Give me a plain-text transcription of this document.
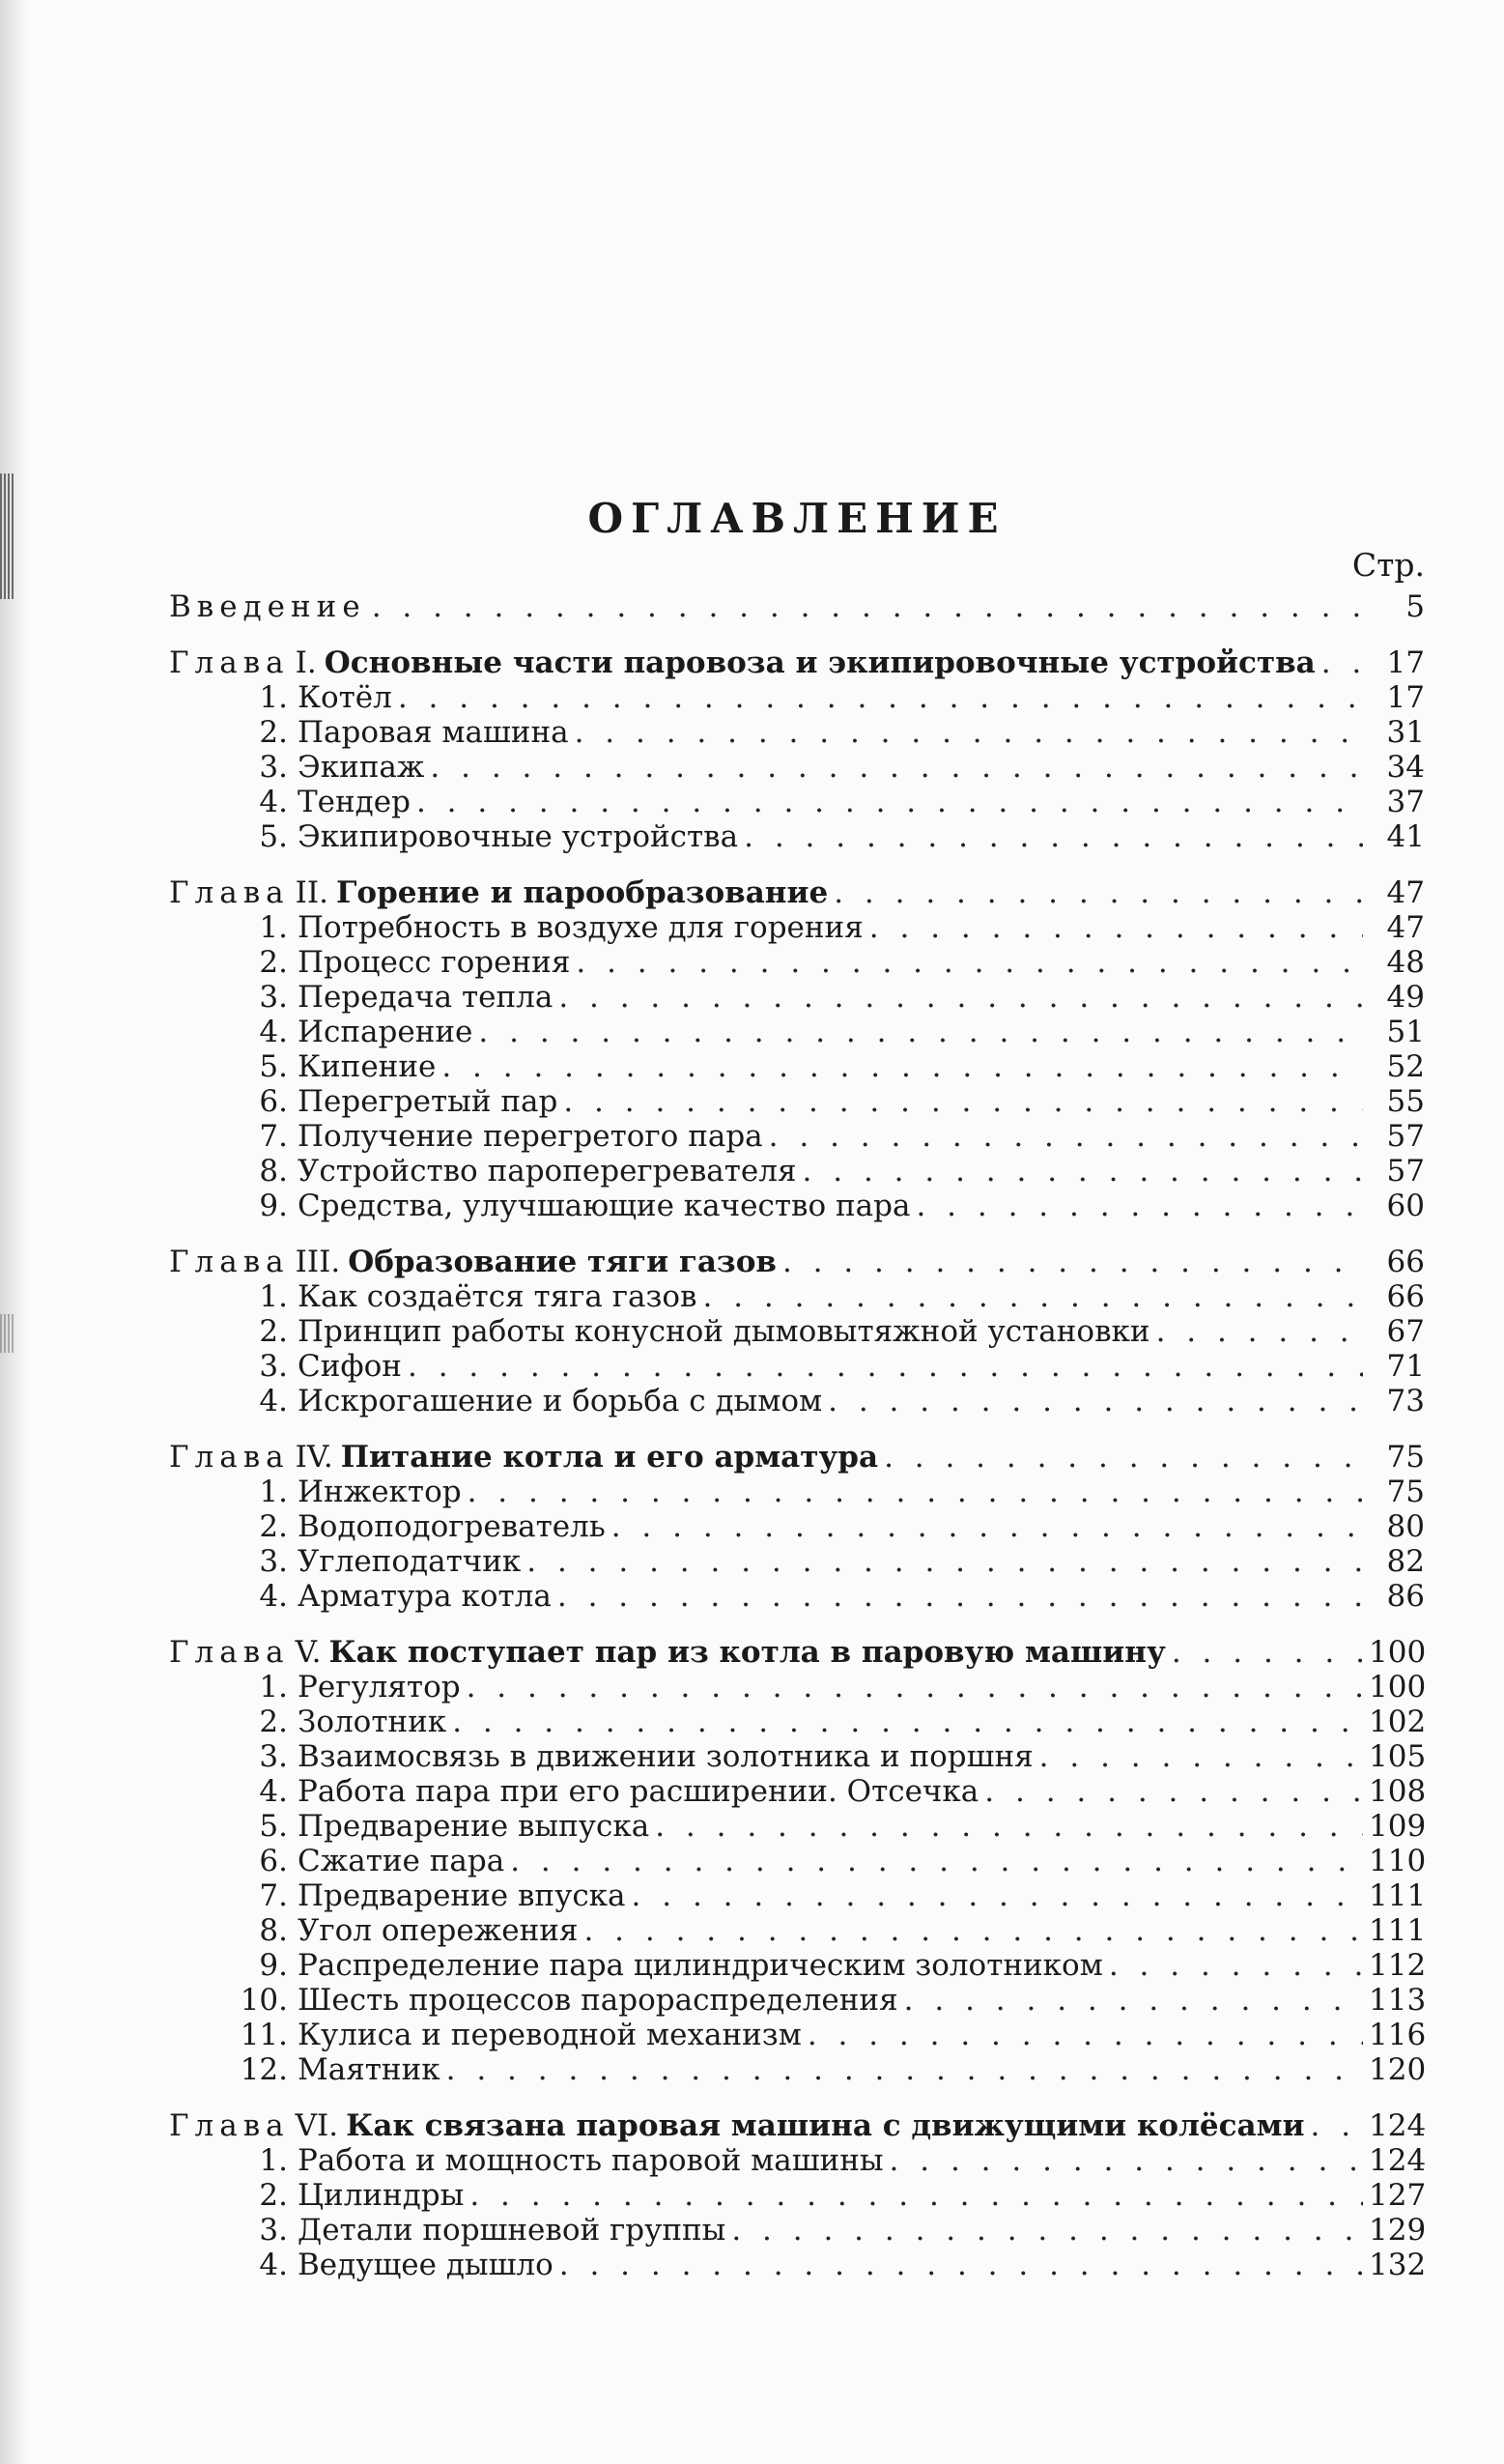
ОГЛАВЛЕНИЕ
Стр.
Введение . . .	5
Глава I. Основные части паровоза и экипировочные устройства . . .	17
1. Котёл . . .	17
2. Паровая машина . . .	31
3. Экипаж . . .	34
4. Тендер . . .	37
5. Экипировочные устройства . . .	41
Глава II. Горение и парообразование . . .	47
1. Потребность в воздухе для горения . . .	47
2. Процесс горения . . .	48
3. Передача тепла . . .	49
4. Испарение . . .	51
5. Кипение . . .	52
6. Перегретый пар . . .	55
7. Получение перегретого пара . . .	57
8. Устройство пароперегревателя . . .	57
9. Средства, улучшающие качество пара . . .	60
Глава III. Образование тяги газов . . .	66
1. Как создаётся тяга газов . . .	66
2. Принцип работы конусной дымовытяжной установки . . .	67
3. Сифон . . .	71
4. Искрогашение и борьба с дымом . . .	73
Глава IV. Питание котла и его арматура . . .	75
1. Инжектор . . .	75
2. Водоподогреватель . . .	80
3. Углеподатчик . . .	82
4. Арматура котла . . .	86
Глава V. Как поступает пар из котла в паровую машину . . .	100
1. Регулятор . . .	100
2. Золотник . . .	102
3. Взаимосвязь в движении золотника и поршня . . .	105
4. Работа пара при его расширении. Отсечка . . .	108
5. Предварение выпуска . . .	109
6. Сжатие пара . . .	110
7. Предварение впуска . . .	111
8. Угол опережения . . .	111
9. Распределение пара цилиндрическим золотником . . .	112
10. Шесть процессов парораспределения . . .	113
11. Кулиса и переводной механизм . . .	116
12. Маятник . . .	120
Глава VI. Как связана паровая машина с движущими колёсами . . . 124
1. Работа и мощность паровой машины . . .	124
2. Цилиндры . . .	127
3. Детали поршневой группы . . .	129
4. Ведущее дышло . . .	132
